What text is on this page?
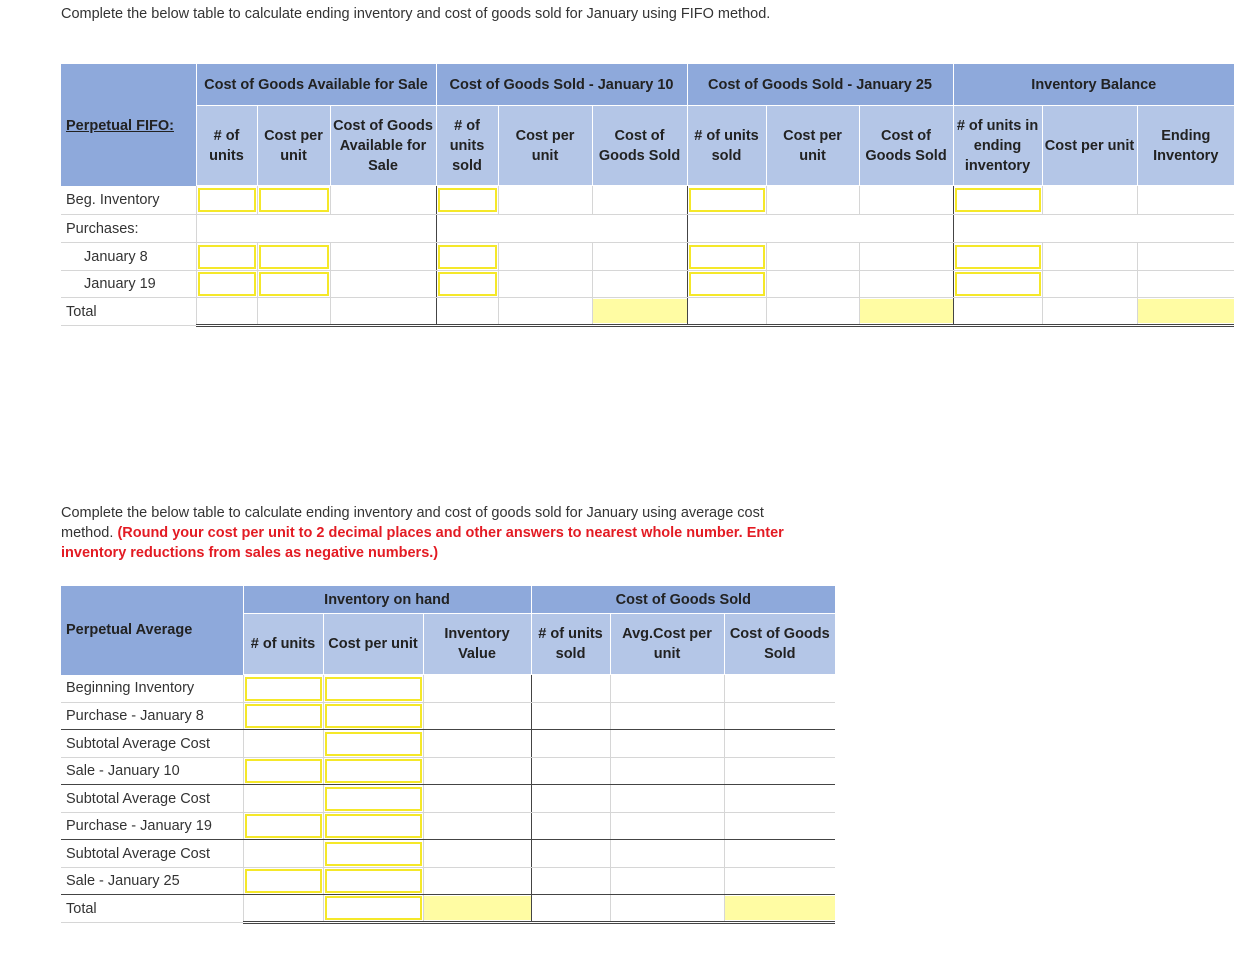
Complete the below table to calculate ending inventory and cost of goods sold for January using FIFO method.
Perpetual FIFO:	Cost of Goods Available for Sale			Cost of Goods Sold - January 10			Cost of Goods Sold - January 25			Inventory Balance		
	# of units	Cost per unit	Cost of Goods Available for Sale	# of units sold	Cost per unit	Cost of Goods Sold	# of units sold	Cost per unit	Cost of Goods Sold	# of units in ending inventory	Cost per unit	Ending Inventory
Beg. Inventory	

Purchases:												
January 8	

January 19	

Total						

Complete the below table to calculate ending inventory and cost of goods sold for January using average cost method. (Round your cost per unit to 2 decimal places and other answers to nearest whole number. Enter inventory reductions from sales as negative numbers.)
Perpetual Average	Inventory on hand			Cost of Goods Sold		
	# of units	Cost per unit	Inventory Value	# of units sold	Avg.Cost per unit	Cost of Goods Sold
Beginning Inventory	

Purchase - January 8	

Subtotal Average Cost		

Sale - January 10	

Subtotal Average Cost		

Purchase - January 19	

Subtotal Average Cost		

Sale - January 25	

Total		
